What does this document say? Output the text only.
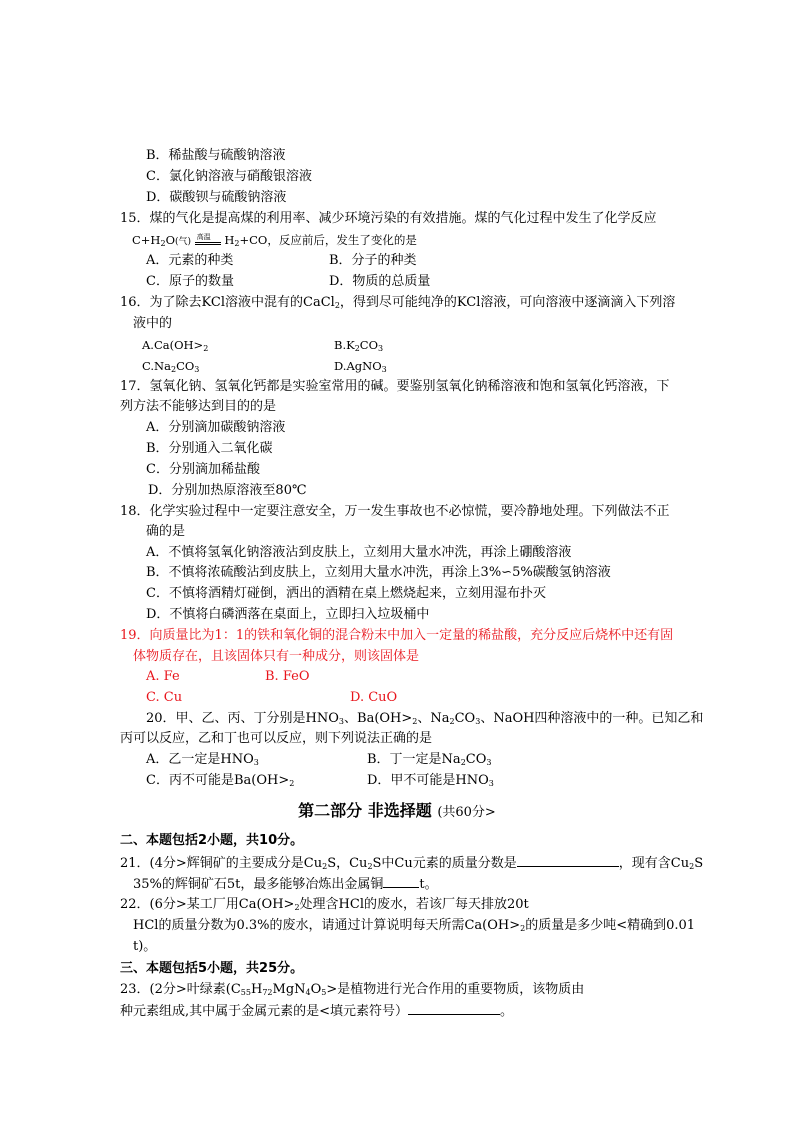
B．稀盐酸与硫酸钠溶液
C．氯化钠溶液与硝酸银溶液
D．碳酸钡与硫酸钠溶液
15．煤的气化是提高煤的利用率、减少环境污染的有效措施。煤的气化过程中发生了化学反应
$C+H_2O$(气) 高温 $H_2+CO$，反应前后，发生了变化的是
A．元素的种类	B．分子的种类
C．原子的数量	D．物质的总质量
16．为了除去KCl溶液中混有的CaCl$_2$，得到尽可能纯净的KCl溶液，可向溶液中逐滴滴入下列溶
液中的
$A.Ca(OH>_2$	$B.K_2CO_3$
$C.Na_2CO_3$	D.AgNO$_3$
17．氢氧化钠、氢氧化钙都是实验室常用的碱。要鉴别氢氧化钠稀溶液和饱和氢氧化钙溶液，下
列方法不能够达到目的的是
A．分别滴加碳酸钠溶液
B．分别通入二氧化碳
C．分别滴加稀盐酸
D．分别加热原溶液至80℃
18．化学实验过程中一定要注意安全，万一发生事故也不必惊慌，要冷静地处理。下列做法不正
确的是
A．不慎将氢氧化钠溶液沾到皮肤上，立刻用大量水冲洗，再涂上硼酸溶液
B．不慎将浓硫酸沾到皮肤上，立刻用大量水冲洗，再涂上3%∽5%碳酸氢钠溶液
C．不慎将酒精灯碰倒，洒出的酒精在桌上燃烧起来，立刻用湿布扑灭
D．不慎将白磷洒落在桌面上，立即扫入垃圾桶中
19．向质量比为1：1的铁和氧化铜的混合粉末中加入一定量的稀盐酸，充分反应后烧杯中还有固
体物质存在，且该固体只有一种成分，则该固体是
A. Fe	B. FeO
C. Cu	D. CuO
20．甲、乙、丙、丁分别是$HNO_3$、$Ba(OH>_2$、$Na_2CO_3$、NaOH四种溶液中的一种。已知乙和
丙可以反应，乙和丁也可以反应，则下列说法正确的是
A．乙一定是$HNO_3$	B．丁一定是$Na_2CO_3$
C．丙不可能是$Ba(OH>_2$	D．甲不可能是$HNO_3$
第二部分 非选择题 (共60分>
二、本题包括2小题，共10分。
21．(4分>辉铜矿的主要成分是$Cu_2S$，$Cu_2S$中Cu元素的质量分数是	，现有含$Cu_2S$
35%的辉铜矿石5t，最多能够冶炼出金属铜	t。
22．(6分>某工厂用$Ca(OH>_2$处理含HCl的废水，若该厂每天排放20t
HCl的质量分数为0.3%的废水，请通过计算说明每天所需$Ca(OH>_2$的质量是多少吨<精确到0.01
t)。
三、本题包括5小题，共25分。
23．(2分>叶绿素($C_{55}H_{72}MgN_4O_5>$是植物进行光合作用的重要物质，该物质由
种元素组成,其中属于金属元素的是<填元素符号）	。
